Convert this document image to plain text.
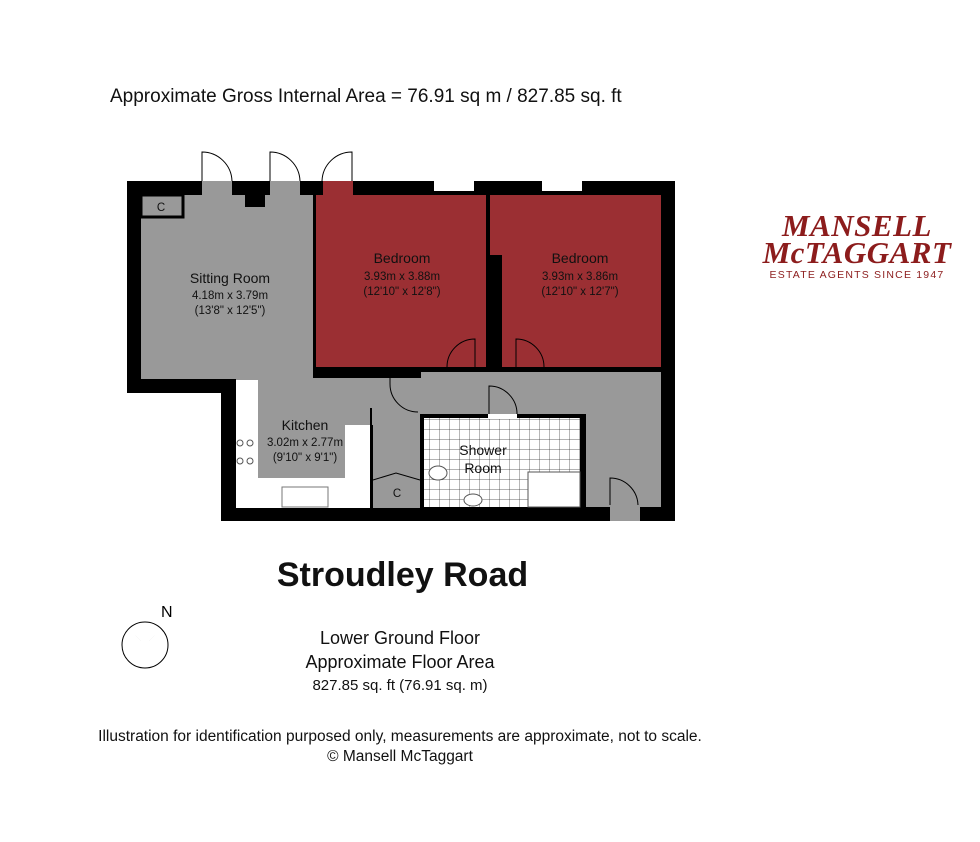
Approximate Gross Internal Area = 76.91 sq m / 827.85 sq. ft
C
Sitting Room
4.18m x 3.79m
(13'8" x 12'5")
Bedroom
3.93m x 3.88m
(12'10" x 12'8")
Bedroom
3.93m x 3.86m
(12'10" x 12'7")
Kitchen
3.02m x 2.77m
(9'10" x 9'1")
C
Shower
Room
N
MANSELL
McTAGGART
ESTATE AGENTS SINCE 1947
Stroudley Road
Lower Ground Floor
Approximate Floor Area
827.85 sq. ft (76.91 sq. m)
Illustration for identification purposed only, measurements are approximate, not to scale.
© Mansell McTaggart
